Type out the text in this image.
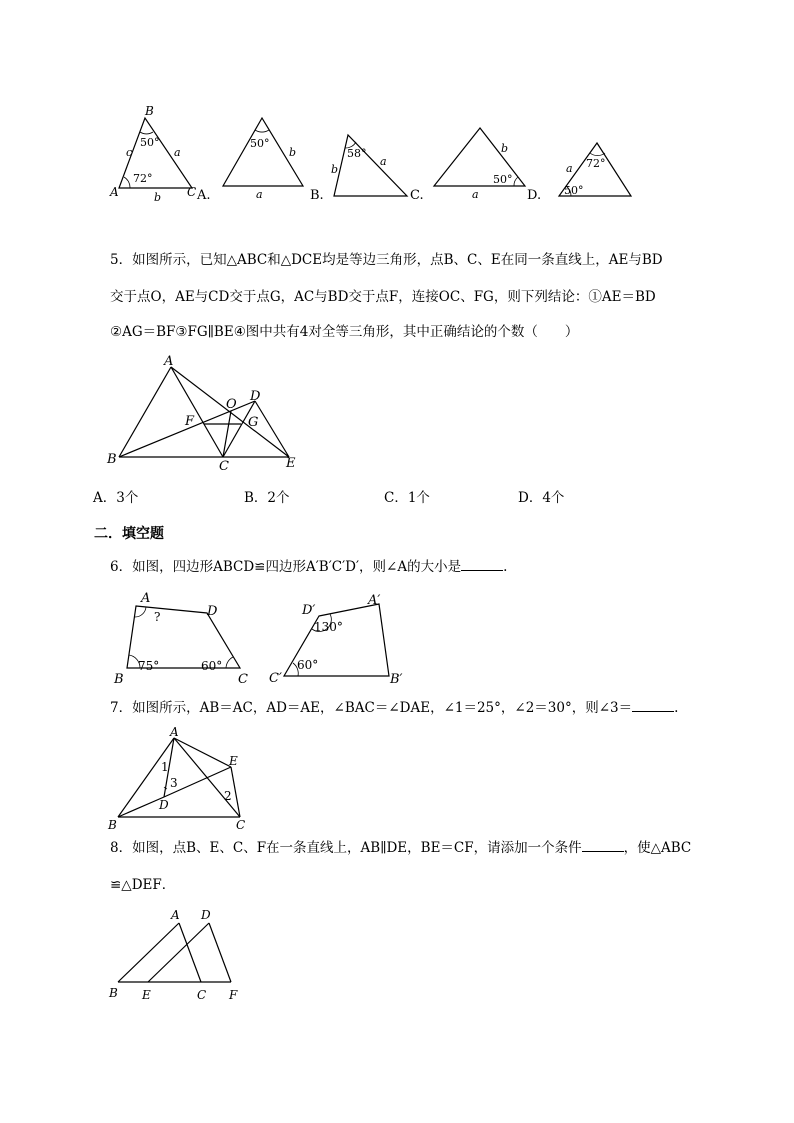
B
A	C
c	a
b
50°
72°
A.
50°
b
a	B.
58°
b
a
C.
b
a
50°
D.
72°
a
50°
5．如图所示，已知△ABC和△DCE均是等边三角形，点B、C、E在同一条直线上，AE与BD
交于点O，AE与CD交于点G，AC与BD交于点F，连接OC、FG，则下列结论：①AE＝BD
②AG＝BF③FG∥BE④图中共有4对全等三角形，其中正确结论的个数（　　）
A
B	C	E
D
O
F	G
A．3个	B．2个	C．1个	D．4个
二．填空题
6．如图，四边形ABCD≌四边形A′B′C′D′，则∠A的大小是	.
A
D
B	C
?
75°	60°
D′
A′
C′	B′
130°
60°
7．如图所示，AB＝AC，AD＝AE，∠BAC＝∠DAE，∠1＝25°，∠2＝30°，则∠3＝	.
A
B	C
D
E
1
3
2
8．如图，点B、E、C、F在一条直线上，AB∥DE，BE＝CF，请添加一个条件	，使△ABC
≌△DEF．
A D
B E	C F
